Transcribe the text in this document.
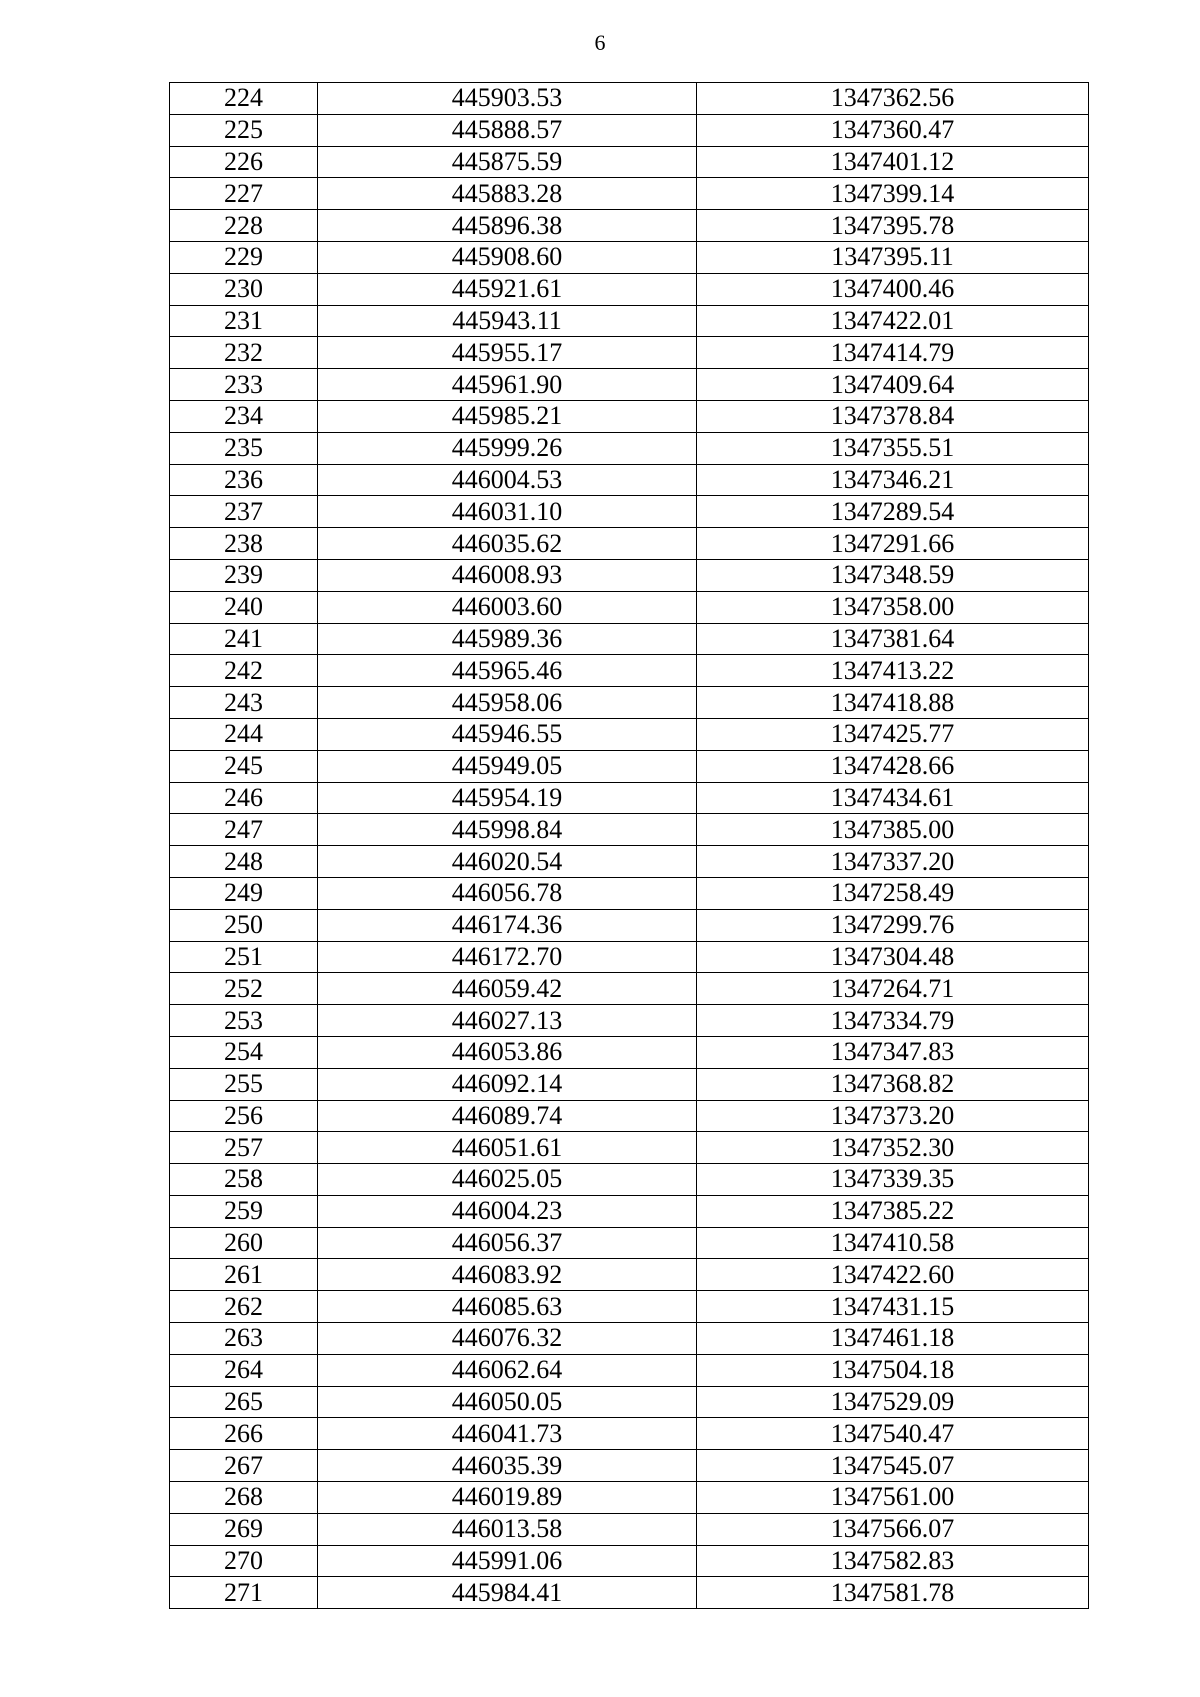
6
224	445903.53	1347362.56
225	445888.57	1347360.47
226	445875.59	1347401.12
227	445883.28	1347399.14
228	445896.38	1347395.78
229	445908.60	1347395.11
230	445921.61	1347400.46
231	445943.11	1347422.01
232	445955.17	1347414.79
233	445961.90	1347409.64
234	445985.21	1347378.84
235	445999.26	1347355.51
236	446004.53	1347346.21
237	446031.10	1347289.54
238	446035.62	1347291.66
239	446008.93	1347348.59
240	446003.60	1347358.00
241	445989.36	1347381.64
242	445965.46	1347413.22
243	445958.06	1347418.88
244	445946.55	1347425.77
245	445949.05	1347428.66
246	445954.19	1347434.61
247	445998.84	1347385.00
248	446020.54	1347337.20
249	446056.78	1347258.49
250	446174.36	1347299.76
251	446172.70	1347304.48
252	446059.42	1347264.71
253	446027.13	1347334.79
254	446053.86	1347347.83
255	446092.14	1347368.82
256	446089.74	1347373.20
257	446051.61	1347352.30
258	446025.05	1347339.35
259	446004.23	1347385.22
260	446056.37	1347410.58
261	446083.92	1347422.60
262	446085.63	1347431.15
263	446076.32	1347461.18
264	446062.64	1347504.18
265	446050.05	1347529.09
266	446041.73	1347540.47
267	446035.39	1347545.07
268	446019.89	1347561.00
269	446013.58	1347566.07
270	445991.06	1347582.83
271	445984.41	1347581.78
